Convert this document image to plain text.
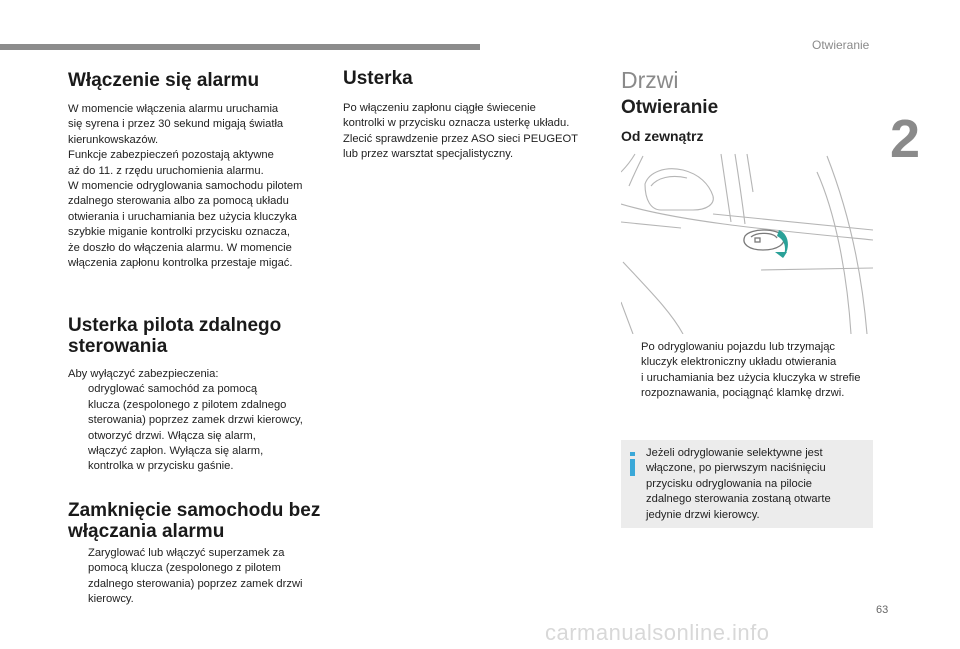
Otwieranie
2
63
carmanualsonline.info
Włączenie się alarmu
W momencie włączenia alarmu uruchamia
się syrena i przez 30 sekund migają światła
kierunkowskazów.
Funkcje zabezpieczeń pozostają aktywne
aż do 11. z rzędu uruchomienia alarmu.
W momencie odryglowania samochodu pilotem
zdalnego sterowania albo za pomocą układu
otwierania i uruchamiania bez użycia kluczyka
szybkie miganie kontrolki przycisku oznacza,
że doszło do włączenia alarmu. W momencie
włączenia zapłonu kontrolka przestaje migać.
Usterka pilota zdalnego
sterowania
Aby wyłączyć zabezpieczenia:
odryglować samochód za pomocą
klucza (zespolonego z pilotem zdalnego
sterowania) poprzez zamek drzwi kierowcy,
otworzyć drzwi. Włącza się alarm,
włączyć zapłon. Wyłącza się alarm,
kontrolka w przycisku gaśnie.
Zamknięcie samochodu bez
włączania alarmu
Zaryglować lub włączyć superzamek za
pomocą klucza (zespolonego z pilotem
zdalnego sterowania) poprzez zamek drzwi
kierowcy.
Usterka
Po włączeniu zapłonu ciągłe świecenie
kontrolki w przycisku oznacza usterkę układu.
Zlecić sprawdzenie przez ASO sieci PEUGEOT
lub przez warsztat specjalistyczny.
Drzwi
Otwieranie
Od zewnątrz
Po odryglowaniu pojazdu lub trzymając
kluczyk elektroniczny układu otwierania
i uruchamiania bez użycia kluczyka w strefie
rozpoznawania, pociągnąć klamkę drzwi.
Jeżeli odryglowanie selektywne jest
włączone, po pierwszym naciśnięciu
przycisku odryglowania na pilocie
zdalnego sterowania zostaną otwarte
jedynie drzwi kierowcy.
